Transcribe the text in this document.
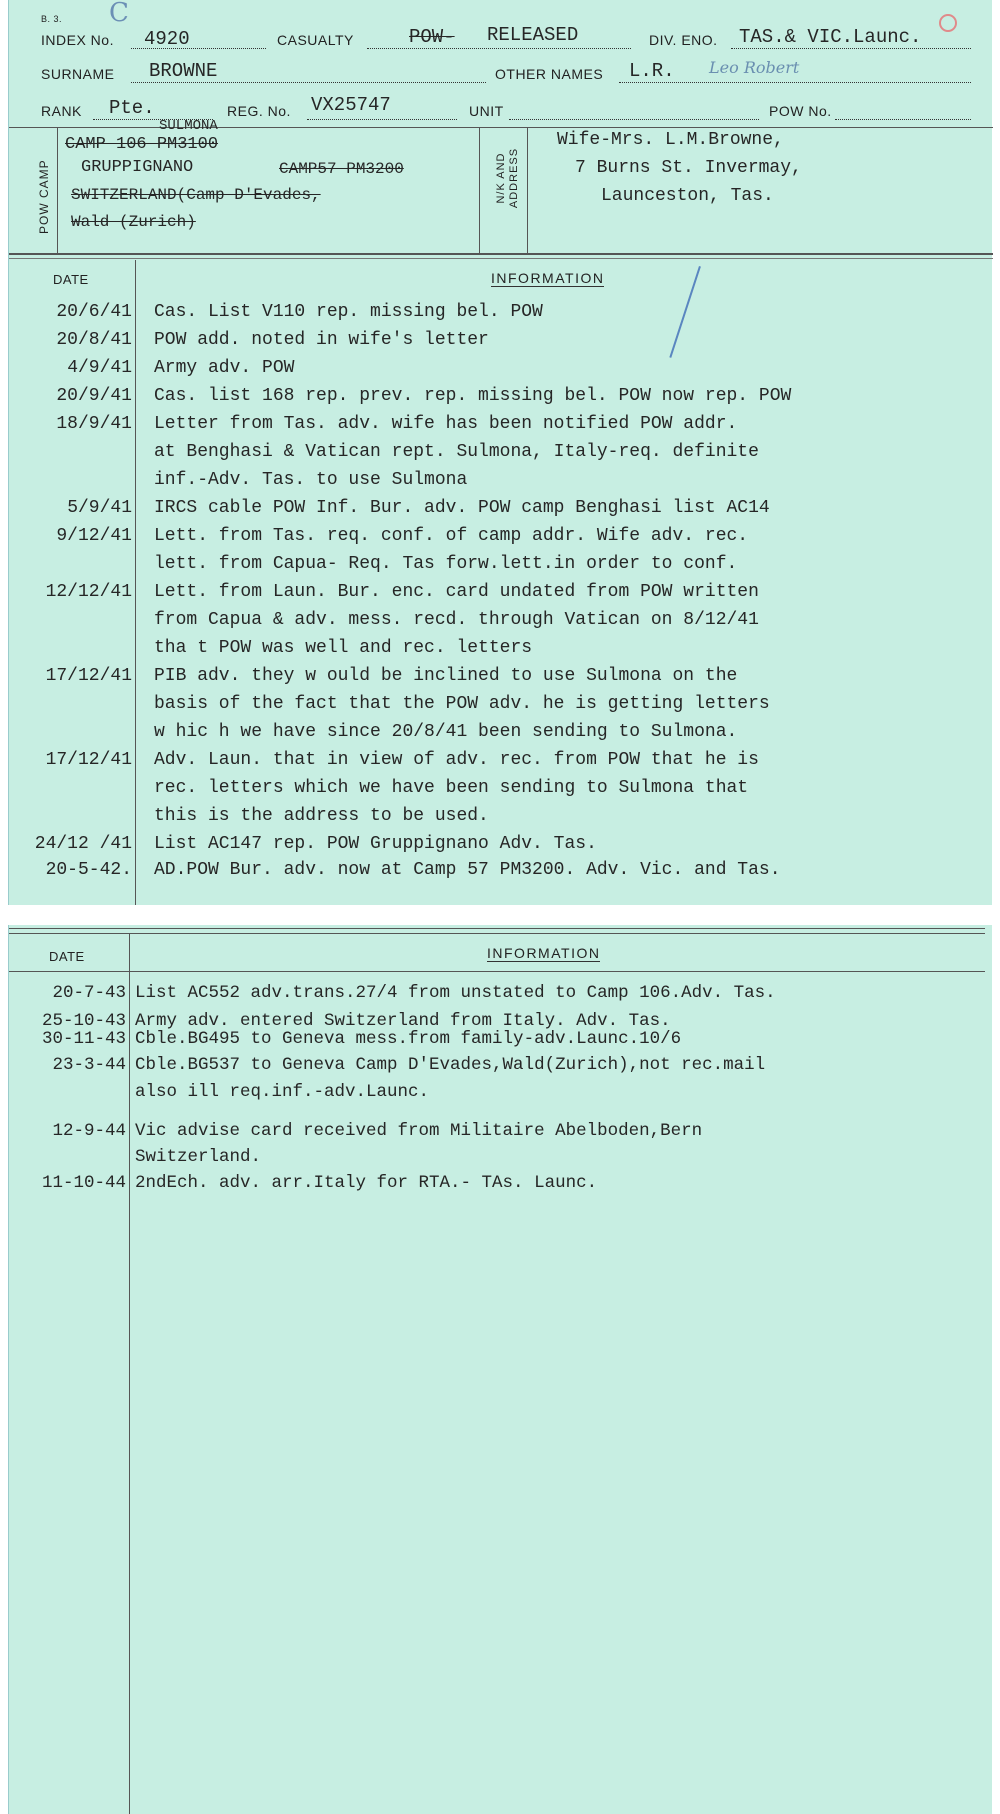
B. 3. C
INDEX No. 4920	CASUALTY	POW- RELEASED	DIV. ENO. TAS.& VIC.Launc.
SURNAME BROWNE	OTHER NAMES L.R. Leo Robert
RANK Pte.	REG. No. VX25747	UNIT	POW No.
POW CAMP	N/K AND ADDRESS
SULMONA
CAMP 106 PM3100
GRUPPIGNANO	CAMP57 PM3200
SWITZERLAND(Camp D'Evades,
Wald (Zurich)
Wife-Mrs. L.M.Browne,
7 Burns St. Invermay,
Launceston, Tas.
DATE	INFORMATION
20/6/41 Cas. List V110 rep. missing bel. POW
20/8/41 POW add. noted in wife's letter
4/9/41 Army adv. POW
20/9/41 Cas. list 168 rep. prev. rep. missing bel. POW now rep. POW
18/9/41 Letter from Tas. adv. wife has been notified POW addr.
at Benghasi & Vatican rept. Sulmona, Italy-req. definite
inf.-Adv. Tas. to use Sulmona
5/9/41 IRCS cable POW Inf. Bur. adv. POW camp Benghasi list AC14
9/12/41 Lett. from Tas. req. conf. of camp addr. Wife adv. rec.
lett. from Capua- Req. Tas forw.lett.in order to conf.
12/12/41 Lett. from Laun. Bur. enc. card undated from POW written
from Capua & adv. mess. recd. through Vatican on 8/12/41
tha t POW was well and rec. letters
17/12/41 PIB adv. they w ould be inclined to use Sulmona on the
basis of the fact that the POW adv. he is getting letters
w hic h we have since 20/8/41 been sending to Sulmona.
17/12/41 Adv. Laun. that in view of adv. rec. from POW that he is
rec. letters which we have been sending to Sulmona that
this is the address to be used.
24/12 /41 List AC147 rep. POW Gruppignano Adv. Tas.
20-5-42. AD.POW Bur. adv. now at Camp 57 PM3200. Adv. Vic. and Tas.
DATE	INFORMATION
20-7-43 List AC552 adv.trans.27/4 from unstated to Camp 106.Adv. Tas.
25-10-43 Army adv. entered Switzerland from Italy. Adv. Tas.
30-11-43 Cble.BG495 to Geneva mess.from family-adv.Launc.10/6
23-3-44 Cble.BG537 to Geneva Camp D'Evades,Wald(Zurich),not rec.mail
also ill req.inf.-adv.Launc.
12-9-44 Vic advise card received from Militaire Abelboden,Bern
Switzerland.
11-10-44 2ndEch. adv. arr.Italy for RTA.- TAs. Launc.
